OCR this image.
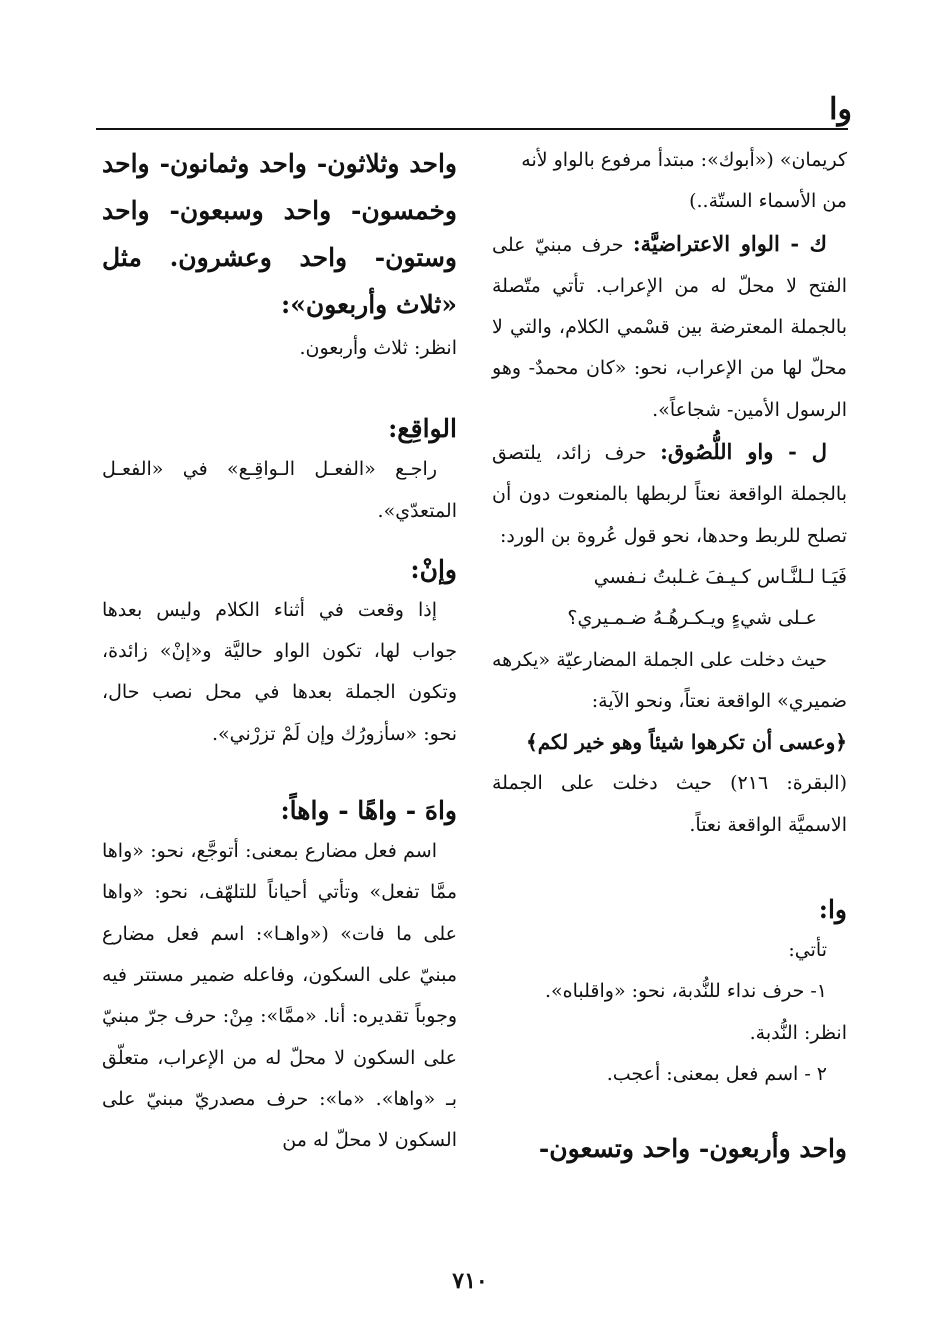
وا

كريمان» («أبوك»: مبتدأ مرفوع بالواو لأنه

من الأسماء الستّة..)

ك - الواو الاعتراضيَّة: حرف مبنيّ على الفتح لا محلّ له من الإعراب. تأتي متّصلة بالجملة المعترضة بين قسْمي الكلام، والتي لا محلّ لها من الإعراب، نحو: «كان محمدٌ- وهو الرسول الأمين- شجاعاً».

ل - واو اللُّصُوق: حرف زائد، يلتصق بالجملة الواقعة نعتاً لربطها بالمنعوت دون أن تصلح للربط وحدها، نحو قول عُروة بن الورد:

فَيَـا لـلنَّـاس كـيـفَ غـلبتُ نـفسي

عـلى شيءٍ ويـكـرهُـهُ ضـمـيري؟

حيث دخلت على الجملة المضارعيّة «يكرهه ضميري» الواقعة نعتاً، ونحو الآية:

﴿وعسى أن تكرهوا شيئاً وهو خير لكم﴾

(البقرة: ٢١٦) حيث دخلت على الجملة الاسميَّة الواقعة نعتاً.

وا:

تأتي:

١- حرف نداء للنُّدبة، نحو: «واقلباه».

انظر: النُّدبة.

٢ - اسم فعل بمعنى: أعجب.

واحد وأربعون- واحد وتسعون-

واحد وثلاثون- واحد وثمانون- واحد وخمسون- واحد وسبعون- واحد وستون- واحد وعشرون. مثل «ثلاث وأربعون»:

انظر: ثلاث وأربعون.

الواقِع:

راجـع «الفعـل الـواقِـع» في «الفعـل المتعدّي».

وإنْ:

إذا وقعت في أثناء الكلام وليس بعدها جواب لها، تكون الواو حاليَّة و«إنْ» زائدة، وتكون الجملة بعدها في محل نصب حال، نحو: «سأزورُك وإن لَمْ تزرْني».

واهَ - واهًا - واهاً:

اسم فعل مضارع بمعنى: أتوجَّع، نحو: «واها ممَّا تفعل» وتأتي أحياناً للتلهّف، نحو: «واها على ما فات» («واهـا»: اسم فعل مضارع مبنيّ على السكون، وفاعله ضمير مستتر فيه وجوباً تقديره: أنا. «ممَّا»: مِنْ: حرف جرّ مبنيّ على السكون لا محلّ له من الإعراب، متعلّق بـ «واها». «ما»: حرف مصدريّ مبنيّ على السكون لا محلّ له من

٧١٠
